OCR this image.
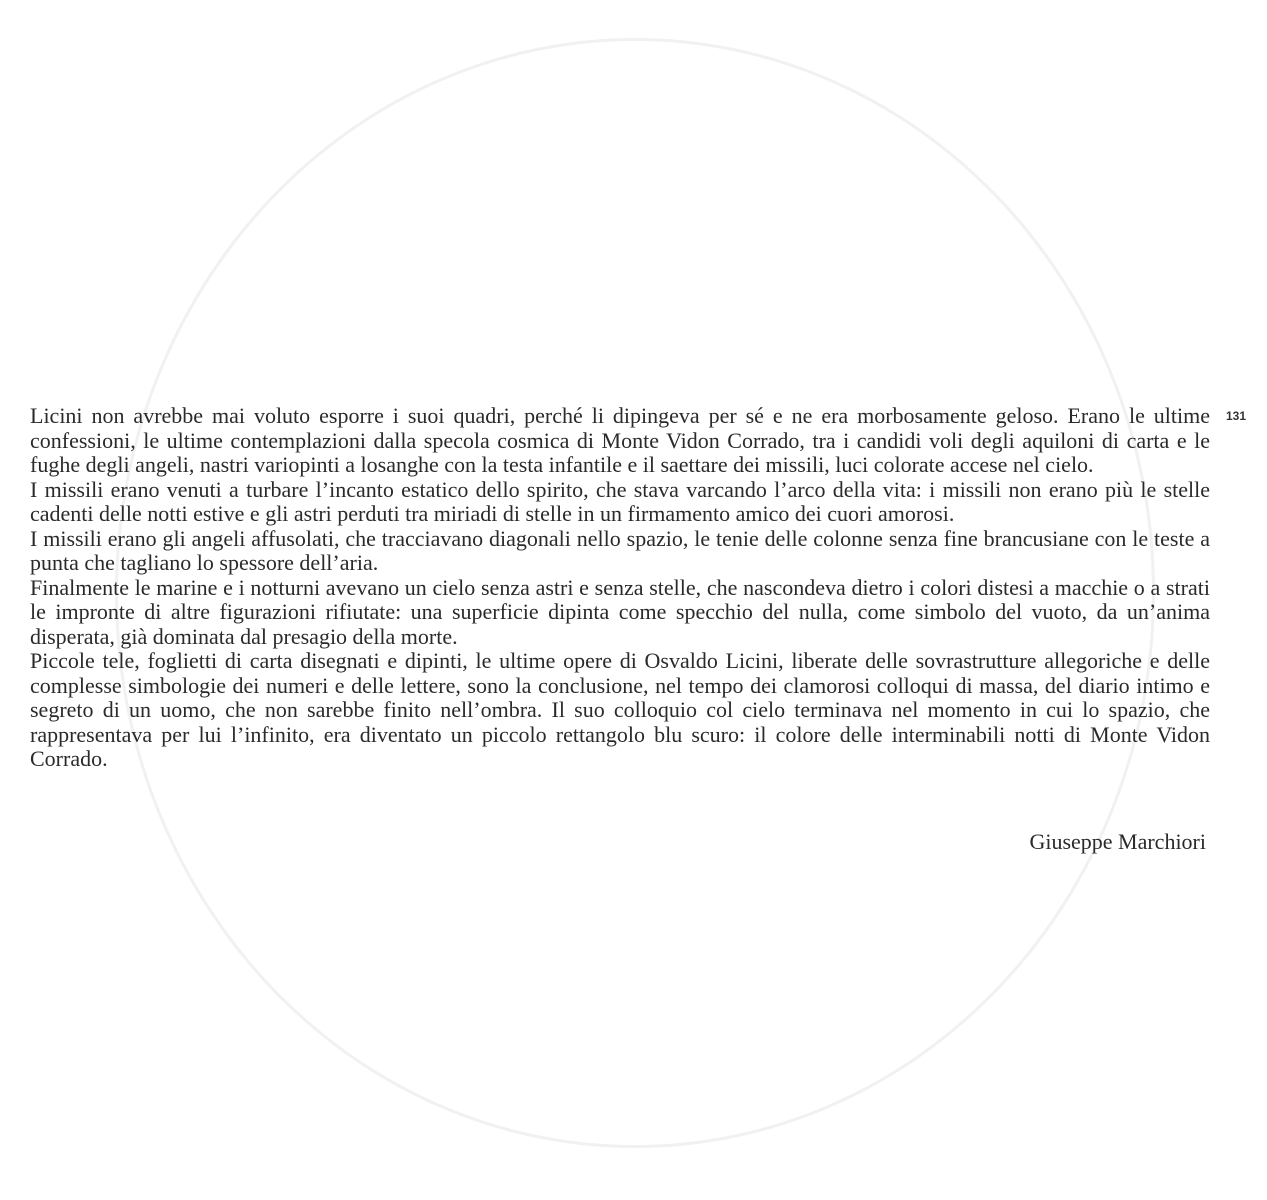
131

Licini non avrebbe mai voluto esporre i suoi quadri, perché li dipingeva per sé e ne era morbosamente geloso. Erano le ultime confessioni, le ultime contemplazioni dalla specola cosmica di Monte Vidon Corrado, tra i candidi voli degli aquiloni di carta e le fughe degli angeli, nastri variopinti a losanghe con la testa infantile e il saettare dei missili, luci colorate accese nel cielo.

I missili erano venuti a turbare l’incanto estatico dello spirito, che stava varcando l’arco della vita: i missili non erano più le stelle cadenti delle notti estive e gli astri perduti tra miriadi di stelle in un firmamento amico dei cuori amorosi.

I missili erano gli angeli affusolati, che tracciavano diagonali nello spazio, le tenie delle colonne senza fine brancusiane con le teste a punta che tagliano lo spessore dell’aria.

Finalmente le marine e i notturni avevano un cielo senza astri e senza stelle, che nascondeva dietro i colori distesi a macchie o a strati le impronte di altre figurazioni rifiutate: una superficie dipinta come specchio del nulla, come simbolo del vuoto, da un’anima disperata, già dominata dal presagio della morte.

Piccole tele, foglietti di carta disegnati e dipinti, le ultime opere di Osvaldo Licini, liberate delle sovrastrutture allegoriche e delle complesse simbologie dei numeri e delle lettere, sono la conclusione, nel tempo dei clamorosi colloqui di massa, del diario intimo e segreto di un uomo, che non sarebbe finito nell’ombra. Il suo colloquio col cielo terminava nel momento in cui lo spazio, che rappresentava per lui l’infinito, era diventato un piccolo rettangolo blu scuro: il colore delle interminabili notti di Monte Vidon Corrado.

Giuseppe Marchiori
